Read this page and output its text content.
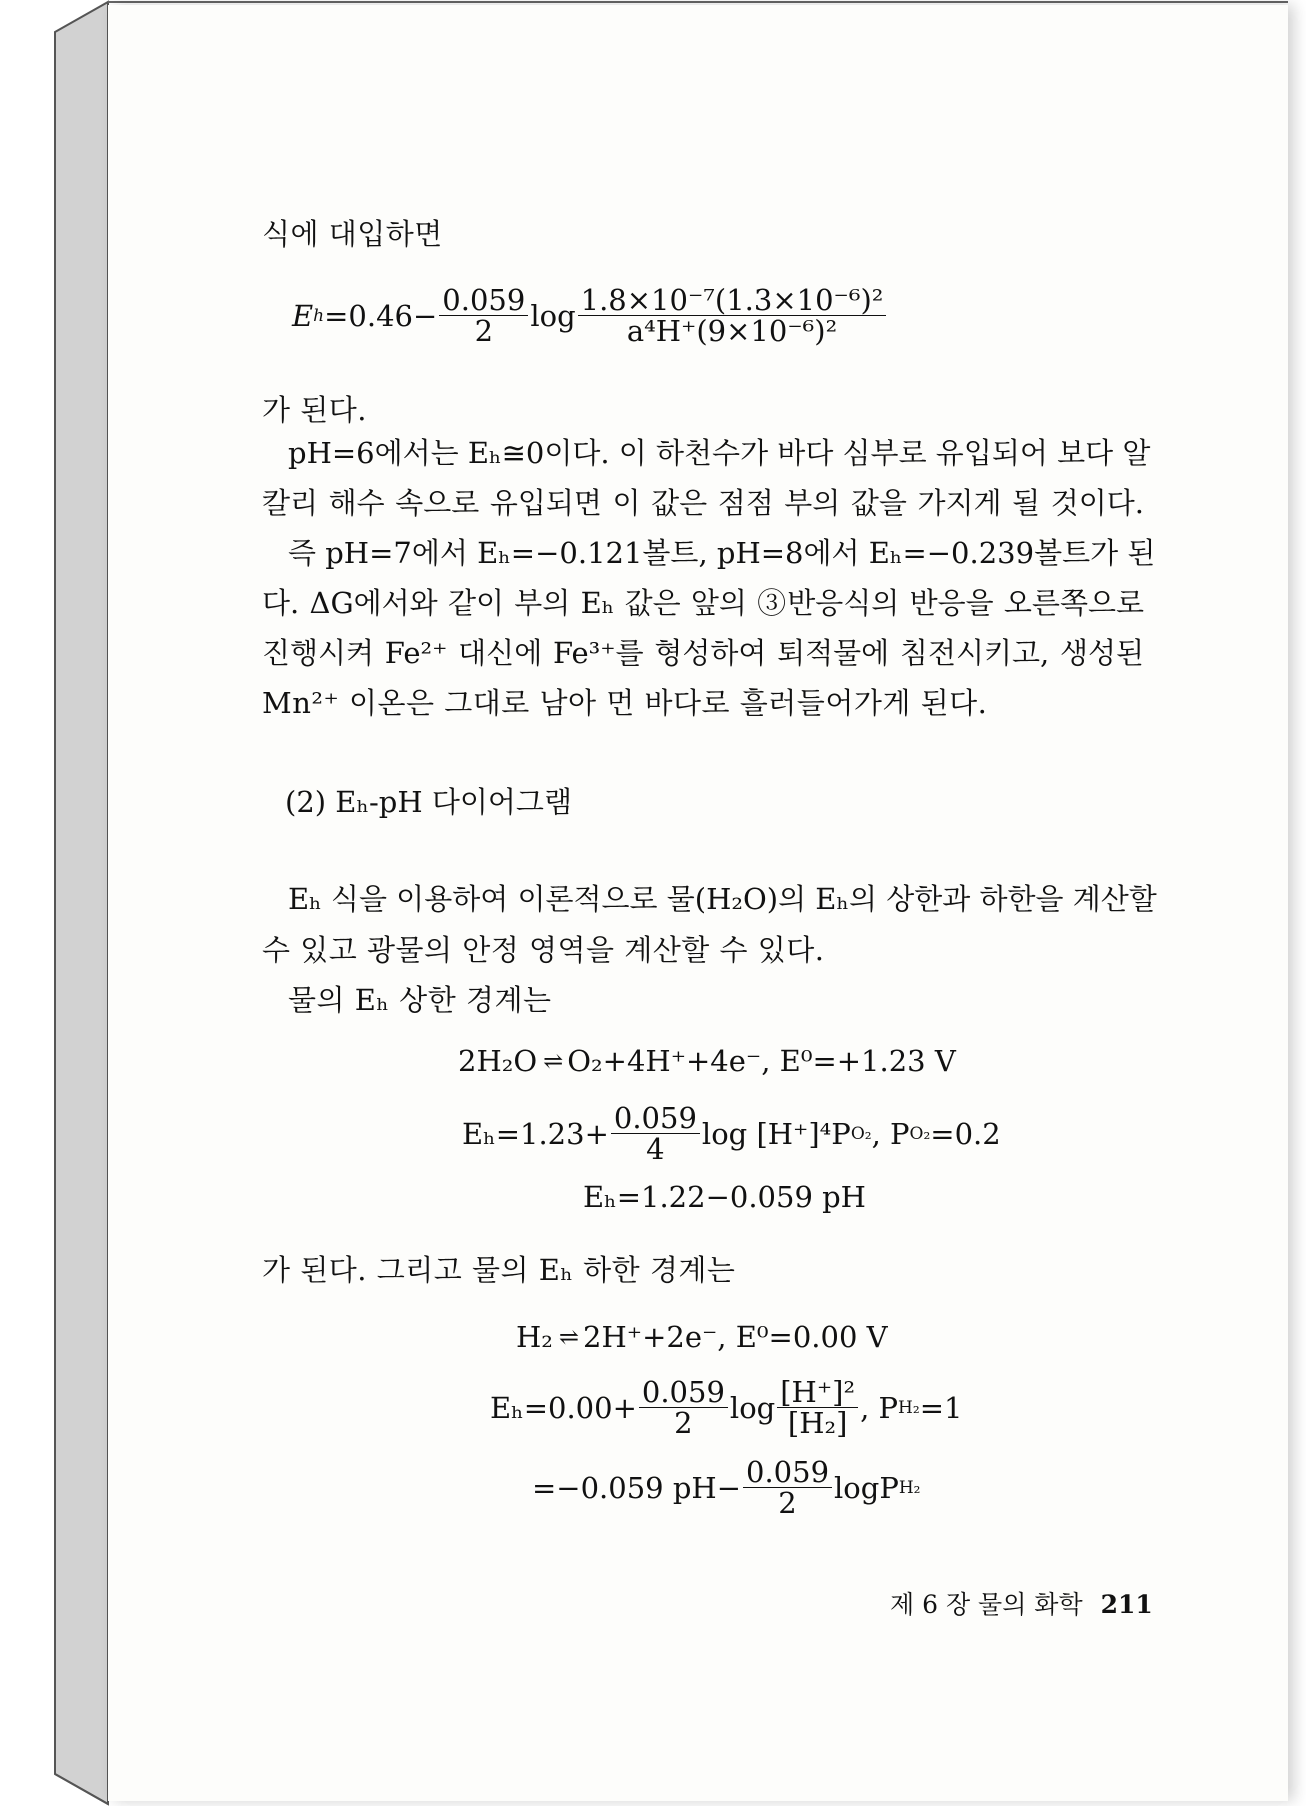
식에 대입하면
E $h =0.46- \frac{0.059}{2}$ $\log \frac{\text{1.8×10⁻⁷(1.3×10⁻⁶)²}}{\text{a⁴H⁺(9×10⁻⁶)²}}$
가 된다.
pH=6에서는 Eₕ≅0이다. 이 하천수가 바다 심부로 유입되어 보다 알
칼리 해수 속으로 유입되면 이 값은 점점 부의 값을 가지게 될 것이다.
즉 pH=7에서 Eₕ=−0.121볼트, pH=8에서 Eₕ=−0.239볼트가 된
다. ΔG에서와 같이 부의 Eₕ 값은 앞의 ③반응식의 반응을 오른쪽으로
진행시켜 Fe²⁺ 대신에 Fe³⁺를 형성하여 퇴적물에 침전시키고, 생성된
Mn²⁺ 이온은 그대로 남아 먼 바다로 흘러들어가게 된다.
(2) Eₕ-pH 다이어그램
Eₕ 식을 이용하여 이론적으로 물(H₂O)의 Eₕ의 상한과 하한을 계산할
수 있고 광물의 안정 영역을 계산할 수 있다.
물의 Eₕ 상한 경계는
2H₂O ⇌ O₂+4H⁺+4e⁻, E⁰=+1.23 V
$E_h=1.23+ \frac{0.059}{4}$ log [H⁺]⁴P O₂ , P O₂ =0.2
Eₕ=1.22−0.059 pH
가 된다. 그리고 물의 Eₕ 하한 경계는
H₂ ⇌ 2H⁺+2e⁻, E⁰=0.00 V
$E_h=0.00+ \frac{0.059}{2}$ $\log \frac{\text{[H⁺]²}}{\text{[H₂]}}$ , P H₂ =1
=−0.059 $pH- \frac{0.059}{2}$ logP H₂
제 6 장 물의 화학 211
